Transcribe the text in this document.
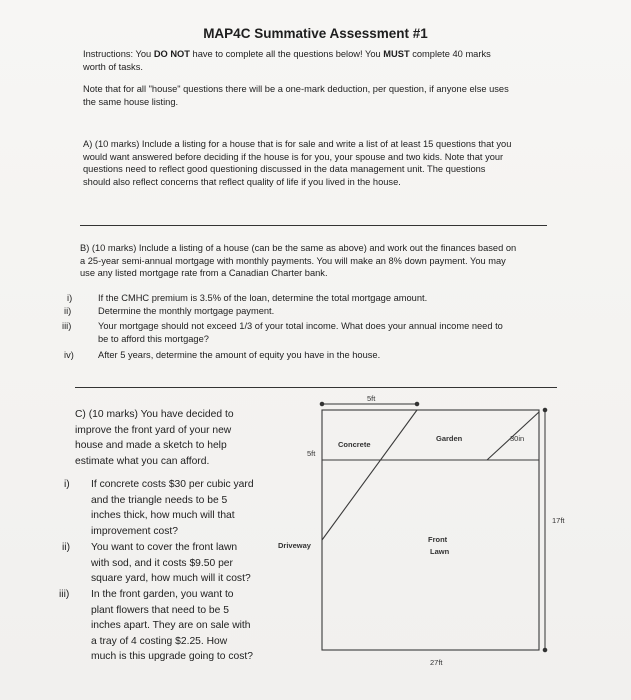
MAP4C Summative Assessment #1
Instructions: You DO NOT have to complete all the questions below! You MUST complete 40 marks
worth of tasks.
Note that for all "house" questions there will be a one-mark deduction, per question, if anyone else uses
the same house listing.
A) (10 marks) Include a listing for a house that is for sale and write a list of at least 15 questions that you
would want answered before deciding if the house is for you, your spouse and two kids. Note that your
questions need to reflect good questioning discussed in the data management unit. The questions
should also reflect concerns that reflect quality of life if you lived in the house.
B) (10 marks) Include a listing of a house (can be the same as above) and work out the finances based on
a 25-year semi-annual mortgage with monthly payments. You will make an 8% down payment. You may
use any listed mortgage rate from a Canadian Charter bank.
i)	If the CMHC premium is 3.5% of the loan, determine the total mortgage amount.
ii)	Determine the monthly mortgage payment.
iii)	Your mortgage should not exceed 1/3 of your total income. What does your annual income need to
be to afford this mortgage?
iv)	After 5 years, determine the amount of equity you have in the house.
C) (10 marks) You have decided to
improve the front yard of your new
house and made a sketch to help
estimate what you can afford.
i) If concrete costs $30 per cubic yard
and the triangle needs to be 5
inches thick, how much will that
improvement cost?
ii) You want to cover the front lawn
with sod, and it costs $9.50 per
square yard, how much will it cost?
iii) In the front garden, you want to
plant flowers that need to be 5
inches apart. They are on sale with
a tray of 4 costing $2.25. How
much is this upgrade going to cost?
5ft
5ft
Concrete
Garden	30in
Driveway
Front
Lawn
17ft
27ft
